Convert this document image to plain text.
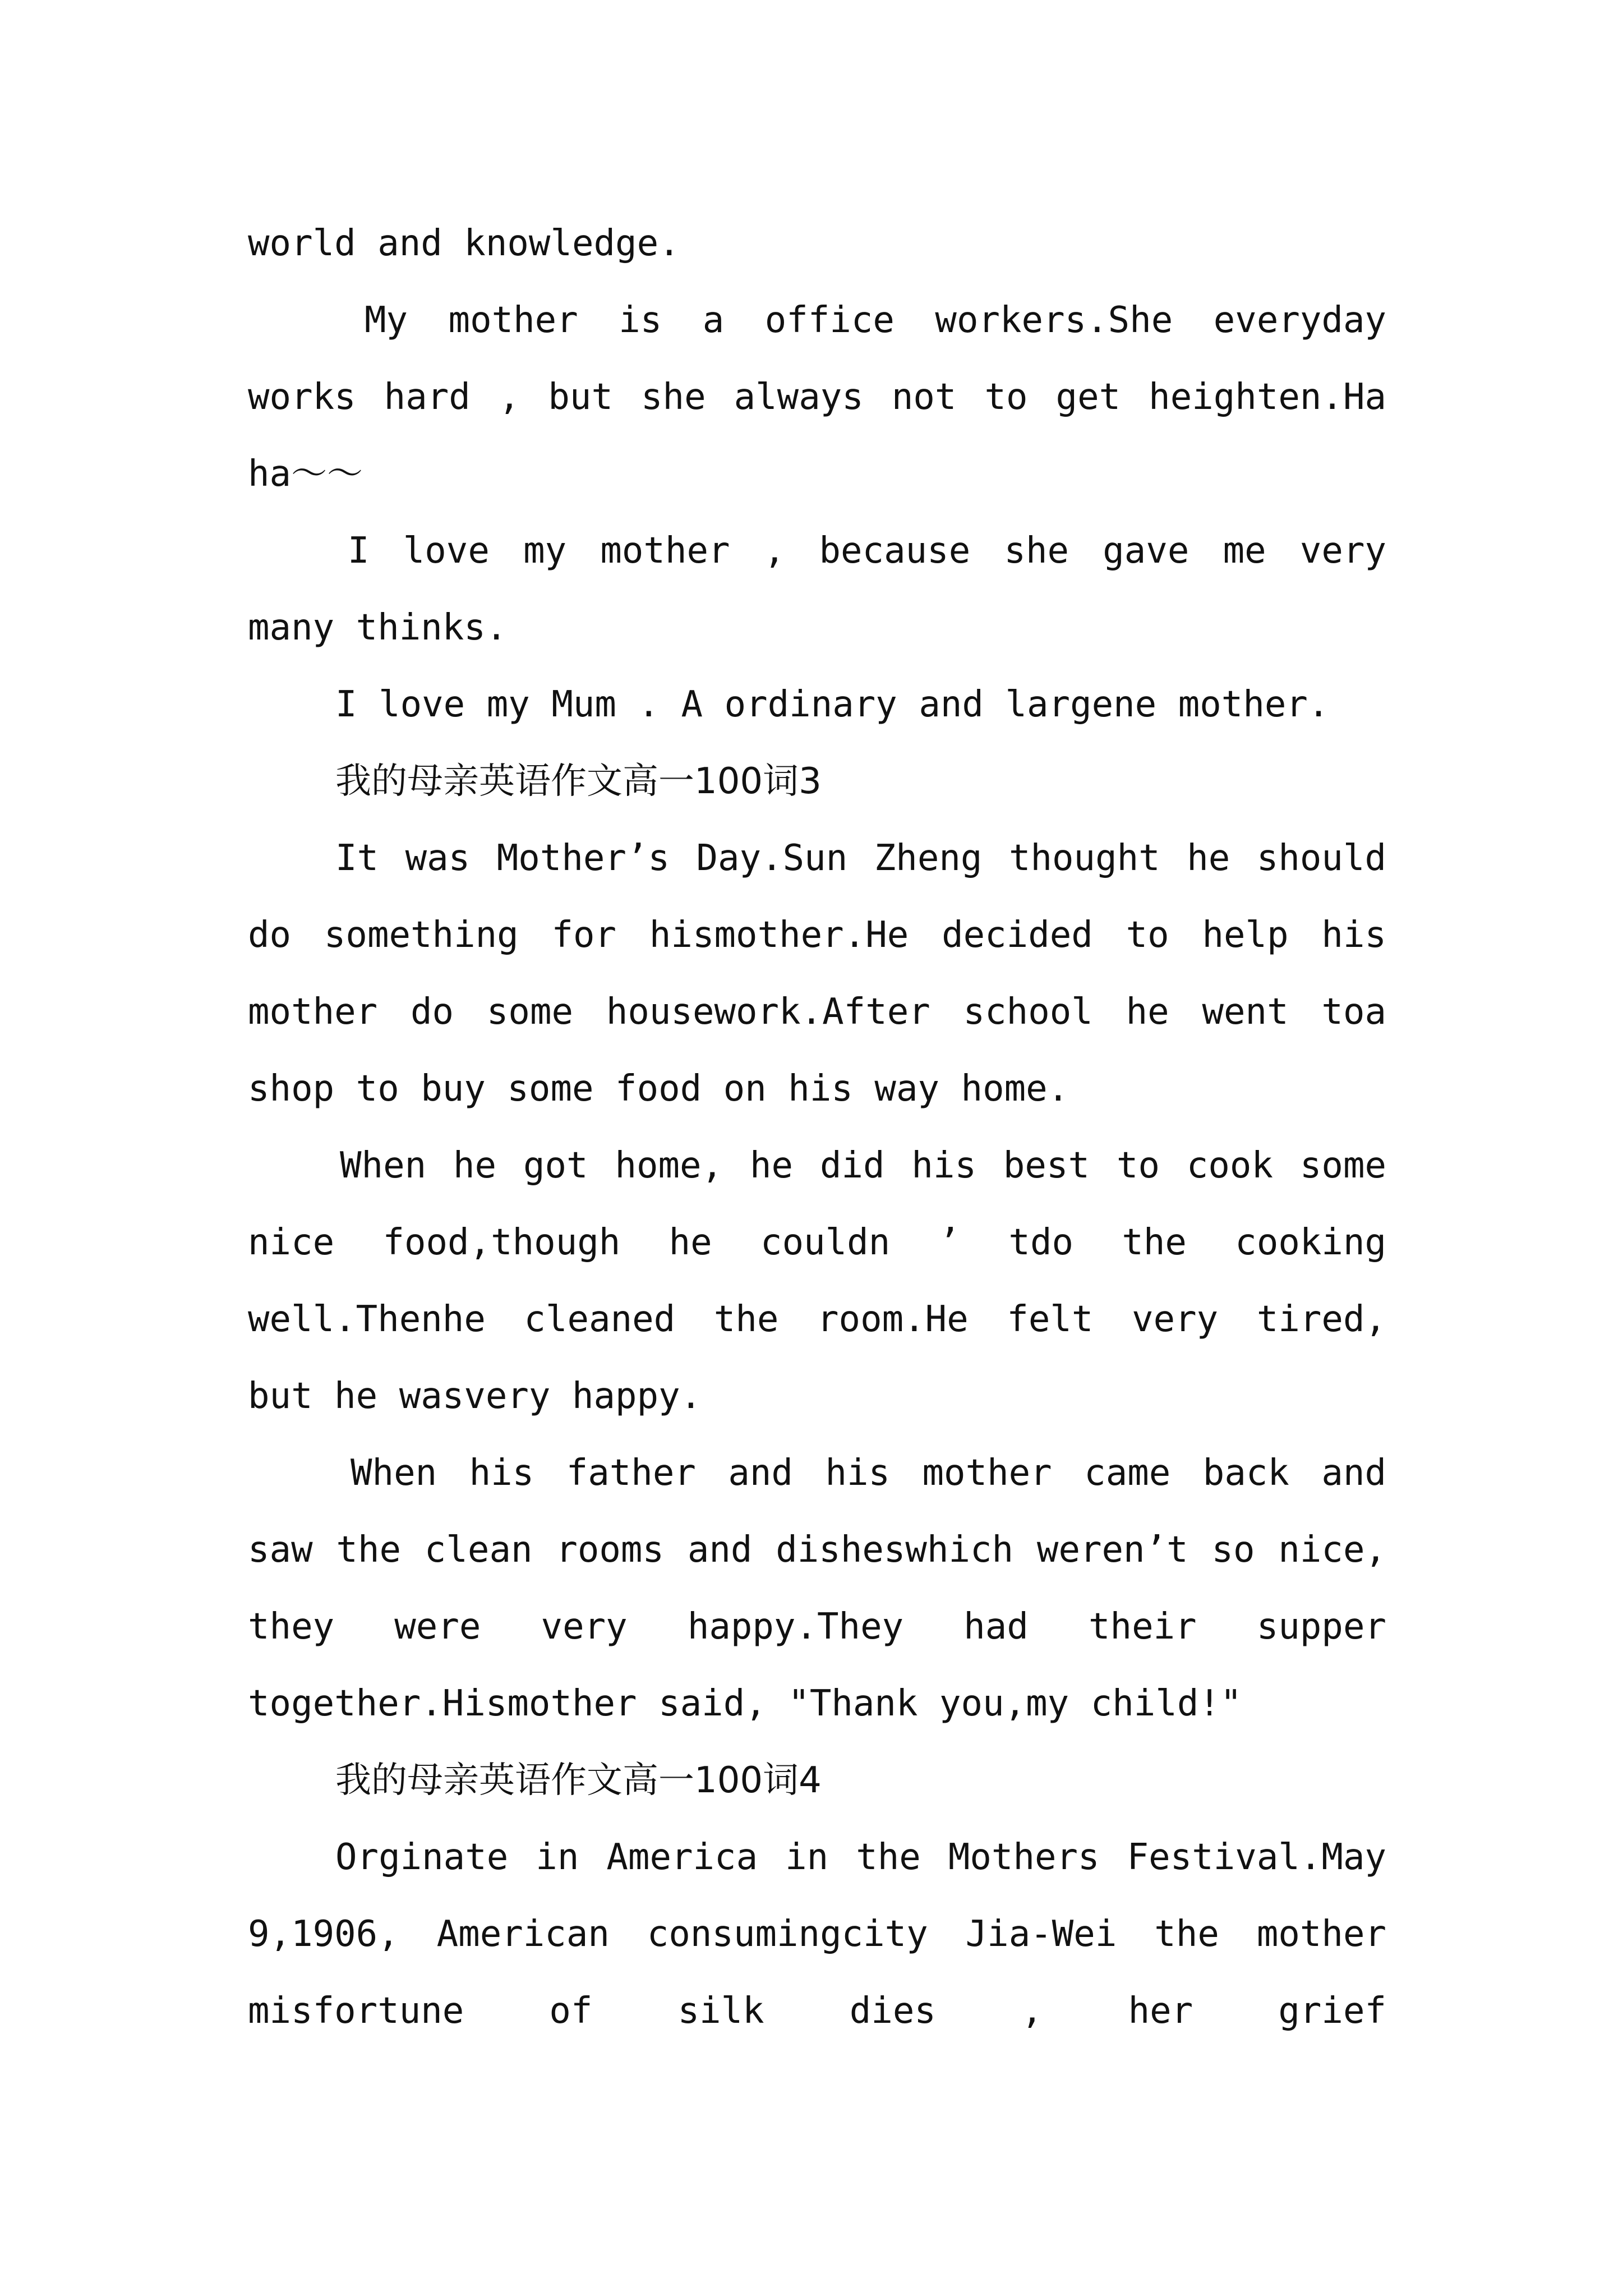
world and knowledge.
My mother is a office workers.She everyday
works hard , but she always not to get heighten.Ha
ha～～
I love my mother , because she gave me very
many thinks.
I love my Mum . A ordinary and largene mother.
我的母亲英语作文高一100词3
It was Mother’s Day.Sun Zheng thought he should
do something for hismother.He decided to help his
mother do some housework.After school he went toa
shop to buy some food on his way home.
When he got home, he did his best to cook some
nice food,though he couldn ’ tdo the cooking
well.Thenhe cleaned the room.He felt very tired,
but he wasvery happy.
When his father and his mother came back and
saw the clean rooms and disheswhich weren’t so nice,
they were very happy.They had their supper
together.Hismother said, "Thank you,my child!"
我的母亲英语作文高一100词4
Orginate in America in the Mothers Festival.May
9,1906, American consumingcity Jia-Wei the mother
misfortune of silk dies , her grief
